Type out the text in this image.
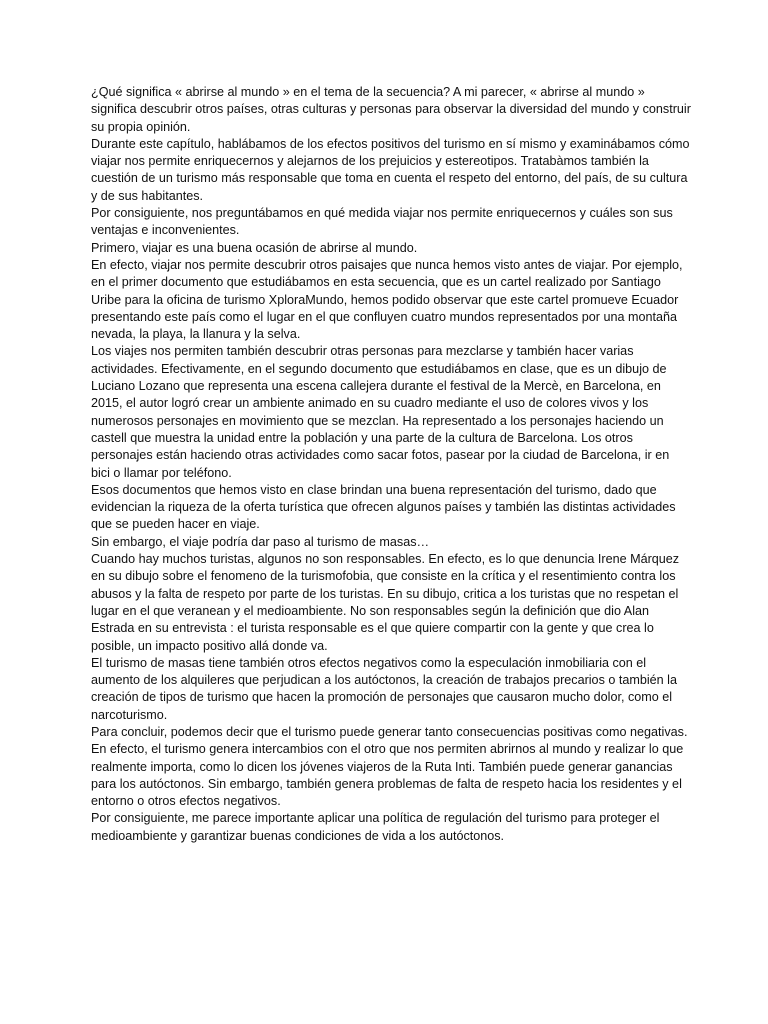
¿Qué significa « abrirse al mundo » en el tema de la secuencia? A mi parecer, « abrirse al mundo » significa descubrir otros países, otras culturas y personas para observar la diversidad del mundo y construir su propia opinión.

Durante este capítulo, hablábamos de los efectos positivos del turismo en sí mismo y examinábamos cómo viajar nos permite enriquecernos y alejarnos de los prejuicios y estereotipos. Tratabàmos también la cuestión de un turismo más responsable que toma en cuenta el respeto del entorno, del país, de su cultura y de sus habitantes.

Por consiguiente, nos preguntábamos en qué medida viajar nos permite enriquecernos y cuáles son sus ventajas e inconvenientes.

Primero, viajar es una buena ocasión de abrirse al mundo.

En efecto, viajar nos permite descubrir otros paisajes que nunca hemos visto antes de viajar. Por ejemplo, en el primer documento que estudiábamos en esta secuencia, que es un cartel realizado por Santiago Uribe para la oficina de turismo XploraMundo, hemos podido observar que este cartel promueve Ecuador presentando este país como el lugar en el que confluyen cuatro mundos representados por una montaña nevada, la playa, la llanura y la selva.

Los viajes nos permiten también descubrir otras personas para mezclarse y también hacer varias actividades. Efectivamente, en el segundo documento que estudiábamos en clase, que es un dibujo de Luciano Lozano que representa una escena callejera durante el festival de la Mercè, en Barcelona, en 2015, el autor logró crear un ambiente animado en su cuadro mediante el uso de colores vivos y los numerosos personajes en movimiento que se mezclan. Ha representado a los personajes haciendo un castell que muestra la unidad entre la población y una parte de la cultura de Barcelona. Los otros personajes están haciendo otras actividades como sacar fotos, pasear por la ciudad de Barcelona, ir en bici o llamar por teléfono.

Esos documentos que hemos visto en clase brindan una buena representación del turismo, dado que evidencian la riqueza de la oferta turística que ofrecen algunos países y también las distintas actividades que se pueden hacer en viaje.

Sin embargo, el viaje podría dar paso al turismo de masas…

Cuando hay muchos turistas, algunos no son responsables. En efecto, es lo que denuncia Irene Márquez en su dibujo sobre el fenomeno de la turismofobia, que consiste en la crítica y el resentimiento contra los abusos y la falta de respeto por parte de los turistas. En su dibujo, critica a los turistas que no respetan el lugar en el que veranean y el medioambiente. No son responsables según la definición que dio Alan Estrada en su entrevista : el turista responsable es el que quiere compartir con la gente y que crea lo posible, un impacto positivo allá donde va.

El turismo de masas tiene también otros efectos negativos como la especulación inmobiliaria con el aumento de los alquileres que perjudican a los autóctonos, la creación de trabajos precarios o también la creación de tipos de turismo que hacen la promoción de personajes que causaron mucho dolor, como el narcoturismo.

Para concluir, podemos decir que el turismo puede generar tanto consecuencias positivas como negativas. En efecto, el turismo genera intercambios con el otro que nos permiten abrirnos al mundo y realizar lo que realmente importa, como lo dicen los jóvenes viajeros de la Ruta Inti. También puede generar ganancias para los autóctonos. Sin embargo, también genera problemas de falta de respeto hacia los residentes y el entorno o otros efectos negativos.

Por consiguiente, me parece importante aplicar una política de regulación del turismo para proteger el medioambiente y garantizar buenas condiciones de vida a los autóctonos.
